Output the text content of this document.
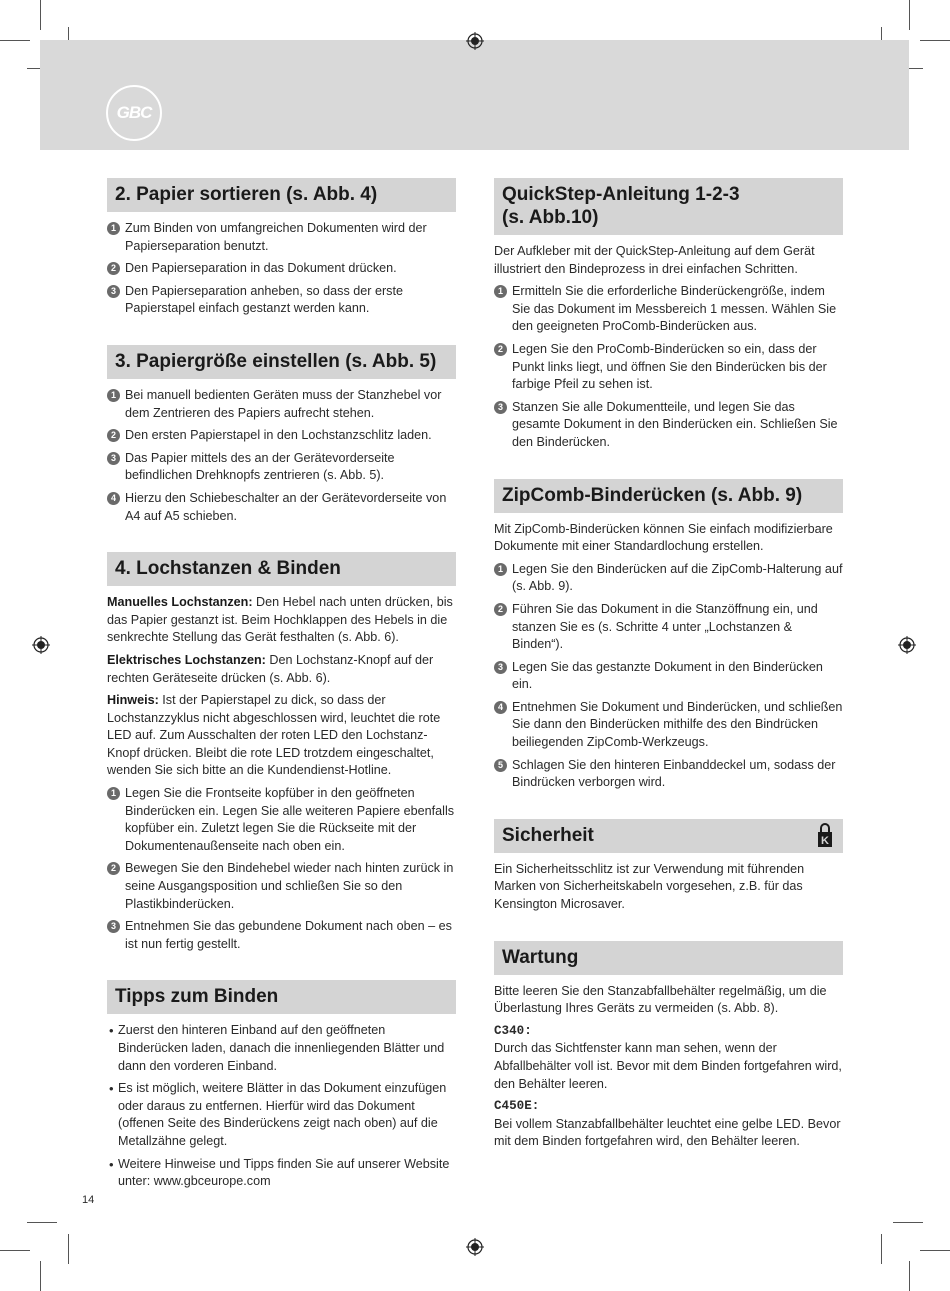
GBC
2. Papier sortieren (s. Abb. 4)
1 Zum Binden von umfangreichen Dokumenten wird der Papierseparation benutzt.
2 Den Papierseparation in das Dokument drücken.
3 Den Papierseparation anheben, so dass der erste Papierstapel einfach gestanzt werden kann.
3. Papiergröße einstellen (s. Abb. 5)
1 Bei manuell bedienten Geräten muss der Stanzhebel vor dem Zentrieren des Papiers aufrecht stehen.
2 Den ersten Papierstapel in den Lochstanzschlitz laden.
3 Das Papier mittels des an der Gerätevorderseite befindlichen Drehknopfs zentrieren (s. Abb. 5).
4 Hierzu den Schiebeschalter an der Gerätevorderseite von A4 auf A5 schieben.
4. Lochstanzen & Binden

Manuelles Lochstanzen: Den Hebel nach unten drücken, bis das Papier gestanzt ist. Beim Hochklappen des Hebels in die senkrechte Stellung das Gerät festhalten (s. Abb. 6).

Elektrisches Lochstanzen: Den Lochstanz-Knopf auf der rechten Geräteseite drücken (s. Abb. 6).

Hinweis: Ist der Papierstapel zu dick, so dass der Lochstanzzyklus nicht abgeschlossen wird, leuchtet die rote LED auf. Zum Ausschalten der roten LED den Lochstanz-Knopf drücken. Bleibt die rote LED trotzdem eingeschaltet, wenden Sie sich bitte an die Kundendienst-Hotline.

1 Legen Sie die Frontseite kopfüber in den geöffneten Binderücken ein. Legen Sie alle weiteren Papiere ebenfalls kopfüber ein. Zuletzt legen Sie die Rückseite mit der Dokumentenaußenseite nach oben ein.
2 Bewegen Sie den Bindehebel wieder nach hinten zurück in seine Ausgangsposition und schließen Sie so den Plastikbinderücken.
3 Entnehmen Sie das gebundene Dokument nach oben – es ist nun fertig gestellt.
Tipps zum Binden
• Zuerst den hinteren Einband auf den geöffneten Binderücken laden, danach die innenliegenden Blätter und dann den vorderen Einband.
• Es ist möglich, weitere Blätter in das Dokument einzufügen oder daraus zu entfernen. Hierfür wird das Dokument (offenen Seite des Binderückens zeigt nach oben) auf die Metallzähne gelegt.
• Weitere Hinweise und Tipps finden Sie auf unserer Website unter: www.gbceurope.com
QuickStep-Anleitung 1-2-3
(s. Abb.10)

Der Aufkleber mit der QuickStep-Anleitung auf dem Gerät illustriert den Bindeprozess in drei einfachen Schritten.

1 Ermitteln Sie die erforderliche Binderückengröße, indem Sie das Dokument im Messbereich 1 messen. Wählen Sie den geeigneten ProComb-Binderücken aus.
2 Legen Sie den ProComb-Binderücken so ein, dass der Punkt links liegt, und öffnen Sie den Binderücken bis der farbige Pfeil zu sehen ist.
3 Stanzen Sie alle Dokumentteile, und legen Sie das gesamte Dokument in den Binderücken ein. Schließen Sie den Binderücken.
ZipComb-Binderücken (s. Abb. 9)

Mit ZipComb-Binderücken können Sie einfach modifizierbare Dokumente mit einer Standardlochung erstellen.

1 Legen Sie den Binderücken auf die ZipComb-Halterung auf (s. Abb. 9).
2 Führen Sie das Dokument in die Stanzöffnung ein, und stanzen Sie es (s. Schritte 4 unter „Lochstanzen & Binden“).
3 Legen Sie das gestanzte Dokument in den Binderücken ein.
4 Entnehmen Sie Dokument und Binderücken, und schließen Sie dann den Binderücken mithilfe des den Bindrücken beiliegenden ZipComb-Werkzeugs.
5 Schlagen Sie den hinteren Einbanddeckel um, sodass der Bindrücken verborgen wird.
Sicherheit	K

Ein Sicherheitsschlitz ist zur Verwendung mit führenden Marken von Sicherheitskabeln vorgesehen, z.B. für das Kensington Microsaver.

Wartung

Bitte leeren Sie den Stanzabfallbehälter regelmäßig, um die Überlastung Ihres Geräts zu vermeiden (s. Abb. 8).

C340:

Durch das Sichtfenster kann man sehen, wenn der Abfallbehälter voll ist. Bevor mit dem Binden fortgefahren wird, den Behälter leeren.

C450E:

Bei vollem Stanzabfallbehälter leuchtet eine gelbe LED. Bevor mit dem Binden fortgefahren wird, den Behälter leeren.

14
